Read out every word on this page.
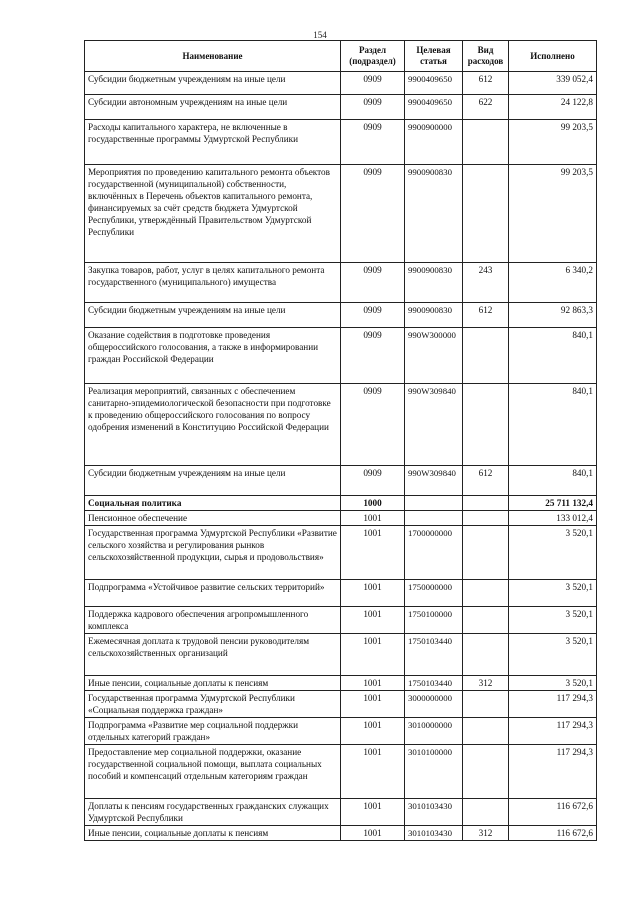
154
Наименование	Раздел (подраздел)	Целевая статья	Вид расходов	Исполнено
Субсидии бюджетным учреждениям на иные цели	0909	9900409650	612	339 052,4
Субсидии автономным учреждениям на иные цели	0909	9900409650	622	24 122,8
Расходы капитального характера, не включенные в государственные программы Удмуртской Республики	0909	9900900000		99 203,5
Мероприятия по проведению капитального ремонта объектов государственной (муниципальной) собственности, включённых в Перечень объектов капитального ремонта, финансируемых за счёт средств бюджета Удмуртской Республики, утверждённый Правительством Удмуртской Республики	0909	9900900830		99 203,5
Закупка товаров, работ, услуг в целях капитального ремонта государственного (муниципального) имущества	0909	9900900830	243	6 340,2
Субсидии бюджетным учреждениям на иные цели	0909	9900900830	612	92 863,3
Оказание содействия в подготовке проведения общероссийского голосования, а также в информировании граждан Российской Федерации	0909	990W300000		840,1
Реализация мероприятий, связанных с обеспечением санитарно-эпидемиологической безопасности при подготовке к проведению общероссийского голосования по вопросу одобрения изменений в Конституцию Российской Федерации	0909	990W309840		840,1
Субсидии бюджетным учреждениям на иные цели	0909	990W309840	612	840,1
Социальная политика	1000			25 711 132,4
Пенсионное обеспечение	1001			133 012,4
Государственная программа Удмуртской Республики «Развитие сельского хозяйства и регулирования рынков сельскохозяйственной продукции, сырья и продовольствия»	1001	1700000000		3 520,1
Подпрограмма «Устойчивое развитие сельских территорий»	1001	1750000000		3 520,1
Поддержка кадрового обеспечения агропромышленного комплекса	1001	1750100000		3 520,1
Ежемесячная доплата к трудовой пенсии руководителям сельскохозяйственных организаций	1001	1750103440		3 520,1
Иные пенсии, социальные доплаты к пенсиям	1001	1750103440	312	3 520,1
Государственная программа Удмуртской Республики «Социальная поддержка граждан»	1001	3000000000		117 294,3
Подпрограмма «Развитие мер социальной поддержки отдельных категорий граждан»	1001	3010000000		117 294,3
Предоставление мер социальной поддержки, оказание государственной социальной помощи, выплата социальных пособий и компенсаций отдельным категориям граждан	1001	3010100000		117 294,3
Доплаты к пенсиям государственных гражданских служащих Удмуртской Республики	1001	3010103430		116 672,6
Иные пенсии, социальные доплаты к пенсиям	1001	3010103430	312	116 672,6
